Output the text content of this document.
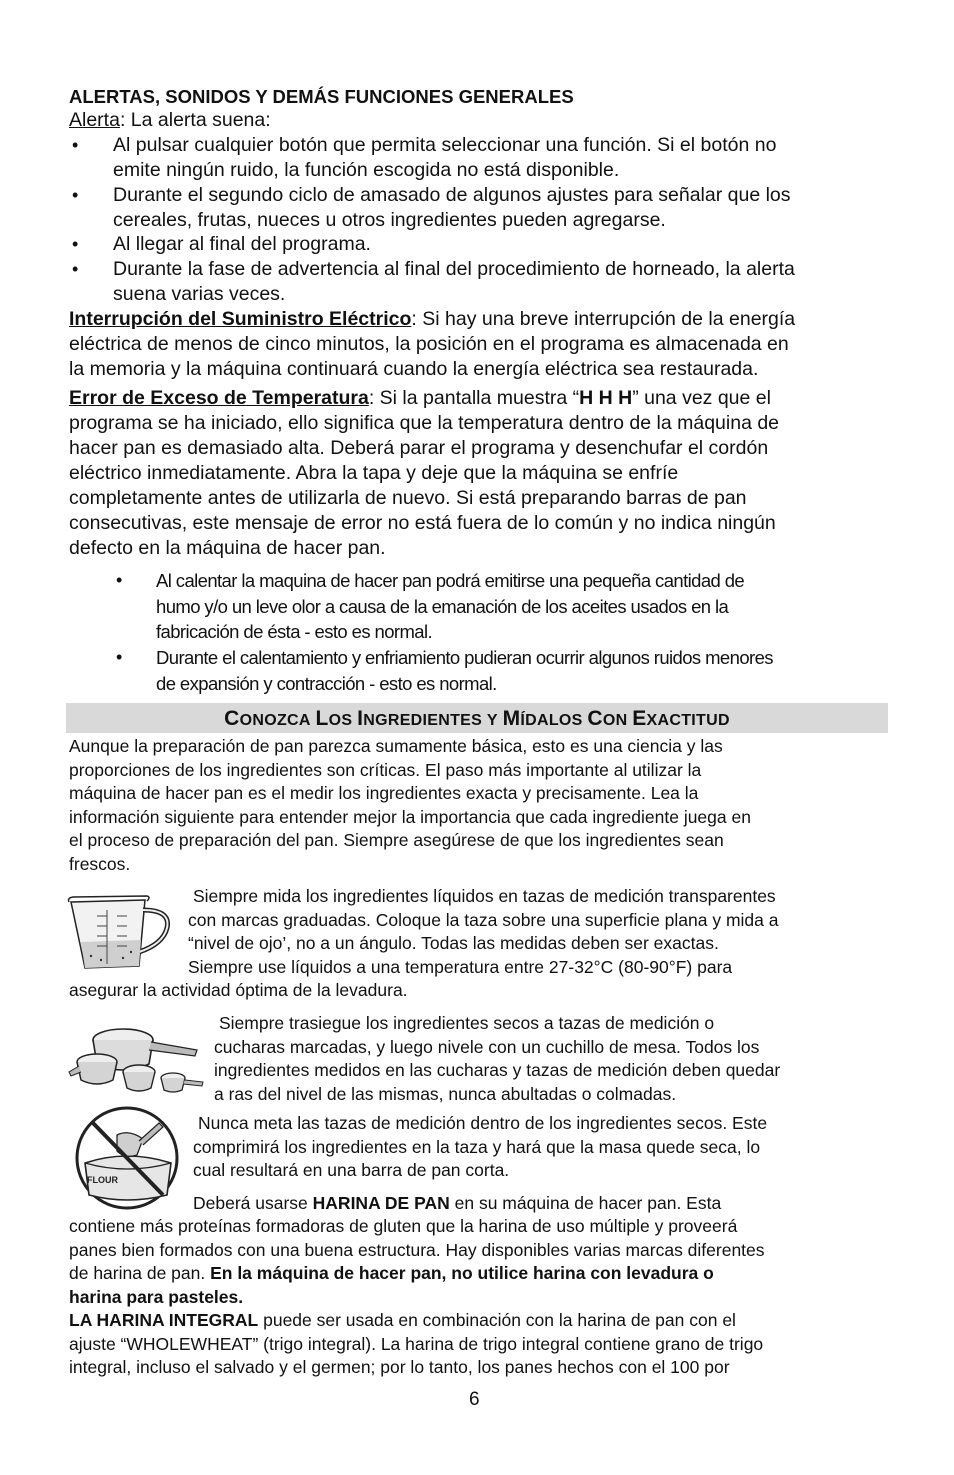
ALERTAS, SONIDOS Y DEMÁS FUNCIONES GENERALES
Alerta: La alerta suena:
• Al pulsar cualquier botón que permita seleccionar una función. Si el botón no
emite ningún ruido, la función escogida no está disponible.
• Durante el segundo ciclo de amasado de algunos ajustes para señalar que los
cereales, frutas, nueces u otros ingredientes pueden agregarse.
• Al llegar al final del programa.
• Durante la fase de advertencia al final del procedimiento de horneado, la alerta
suena varias veces.
Interrupción del Suministro Eléctrico: Si hay una breve interrupción de la energía
eléctrica de menos de cinco minutos, la posición en el programa es almacenada en
la memoria y la máquina continuará cuando la energía eléctrica sea restaurada.
Error de Exceso de Temperatura: Si la pantalla muestra “H H H” una vez que el
programa se ha iniciado, ello significa que la temperatura dentro de la máquina de
hacer pan es demasiado alta. Deberá parar el programa y desenchufar el cordón
eléctrico inmediatamente. Abra la tapa y deje que la máquina se enfríe
completamente antes de utilizarla de nuevo. Si está preparando barras de pan
consecutivas, este mensaje de error no está fuera de lo común y no indica ningún
defecto en la máquina de hacer pan.
• Al calentar la maquina de hacer pan podrá emitirse una pequeña cantidad de
humo y/o un leve olor a causa de la emanación de los aceites usados en la
fabricación de ésta - esto es normal.
• Durante el calentamiento y enfriamiento pudieran ocurrir algunos ruidos menores
de expansión y contracción - esto es normal.
CONOZCA LOS INGREDIENTES Y MÍDALOS CON EXACTITUD
Aunque la preparación de pan parezca sumamente básica, esto es una ciencia y las
proporciones de los ingredientes son críticas. El paso más importante al utilizar la
máquina de hacer pan es el medir los ingredientes exacta y precisamente. Lea la
información siguiente para entender mejor la importancia que cada ingrediente juega en
el proceso de preparación del pan. Siempre asegúrese de que los ingredientes sean
frescos.
Siempre mida los ingredientes líquidos en tazas de medición transparentes
con marcas graduadas. Coloque la taza sobre una superficie plana y mida a
“nivel de ojo’, no a un ángulo. Todas las medidas deben ser exactas.
Siempre use líquidos a una temperatura entre 27-32°C (80-90°F) para
asegurar la actividad óptima de la levadura.
Siempre trasiegue los ingredientes secos a tazas de medición o
cucharas marcadas, y luego nivele con un cuchillo de mesa. Todos los
ingredientes medidos en las cucharas y tazas de medición deben quedar
a ras del nivel de las mismas, nunca abultadas o colmadas.
FLOUR
Nunca meta las tazas de medición dentro de los ingredientes secos. Este
comprimirá los ingredientes en la taza y hará que la masa quede seca, lo
cual resultará en una barra de pan corta.
Deberá usarse HARINA DE PAN en su máquina de hacer pan. Esta
contiene más proteínas formadoras de gluten que la harina de uso múltiple y proveerá
panes bien formados con una buena estructura. Hay disponibles varias marcas diferentes
de harina de pan. En la máquina de hacer pan, no utilice harina con levadura o
harina para pasteles.
LA HARINA INTEGRAL puede ser usada en combinación con la harina de pan con el
ajuste “WHOLEWHEAT” (trigo integral). La harina de trigo integral contiene grano de trigo
integral, incluso el salvado y el germen; por lo tanto, los panes hechos con el 100 por
6
